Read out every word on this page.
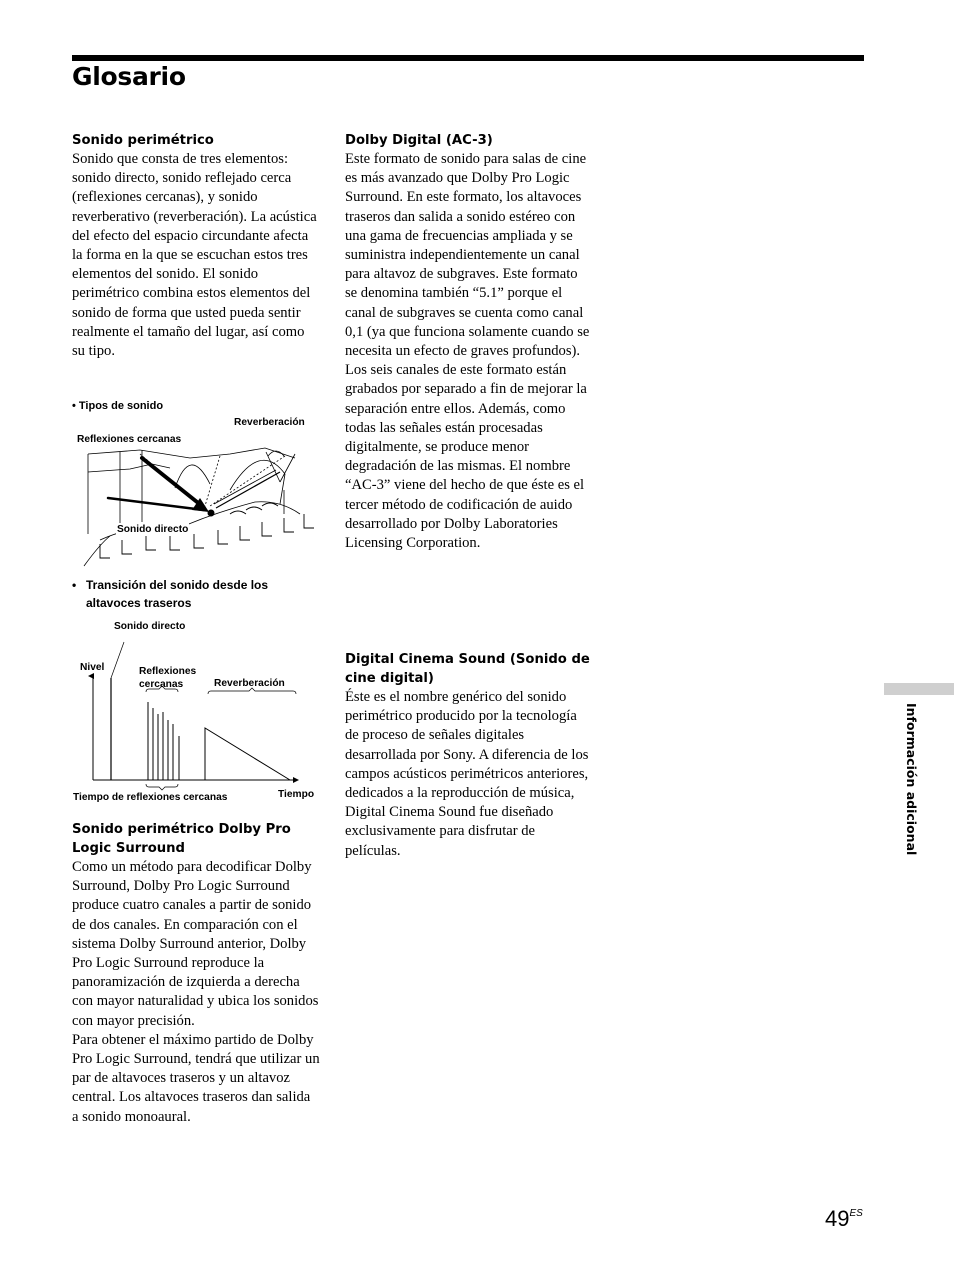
Glosario

Sonido perimétrico

Sonido que consta de tres elementos: sonido directo, sonido reflejado cerca (reflexiones cercanas), y sonido reverberativo (reverberación). La acústica del efecto del espacio circundante afecta la forma en la que se escuchan estos tres elementos del sonido. El sonido perimétrico combina estos elementos del sonido de forma que usted pueda sentir realmente el tamaño del lugar, así como su tipo.

• Tipos de sonido
Reverberación
Reflexiones cercanas
Sonido directo
• Transición del sonido desde los altavoces traseros
Sonido directo
Nivel	Reflexiones
cercanas	Reverberación
Tiempo de reflexiones cercanas	Tiempo

Sonido perimétrico Dolby Pro Logic Surround

Como un método para decodificar Dolby Surround, Dolby Pro Logic Surround produce cuatro canales a partir de sonido de dos canales. En comparación con el sistema Dolby Surround anterior, Dolby Pro Logic Surround reproduce la panoramización de izquierda a derecha con mayor naturalidad y ubica los sonidos con mayor precisión.

Para obtener el máximo partido de Dolby Pro Logic Surround, tendrá que utilizar un par de altavoces traseros y un altavoz central. Los altavoces traseros dan salida a sonido monoaural.

Dolby Digital (AC-3)

Este formato de sonido para salas de cine es más avanzado que Dolby Pro Logic Surround. En este formato, los altavoces traseros dan salida a sonido estéreo con una gama de frecuencias ampliada y se suministra independientemente un canal para altavoz de subgraves. Este formato se denomina también “5.1” porque el canal de subgraves se cuenta como canal 0,1 (ya que funciona solamente cuando se necesita un efecto de graves profundos). Los seis canales de este formato están grabados por separado a fin de mejorar la separación entre ellos. Además, como todas las señales están procesadas digitalmente, se produce menor degradación de las mismas. El nombre “AC-3” viene del hecho de que éste es el tercer método de codificación de auido desarrollado por Dolby Laboratories Licensing Corporation.

Digital Cinema Sound (Sonido de cine digital)

Éste es el nombre genérico del sonido perimétrico producido por la tecnología de proceso de señales digitales desarrollada por Sony. A diferencia de los campos acústicos perimétricos anteriores, dedicados a la reproducción de música, Digital Cinema Sound fue diseñado exclusivamente para disfrutar de películas.	Información adicional
$49^{ES}$
